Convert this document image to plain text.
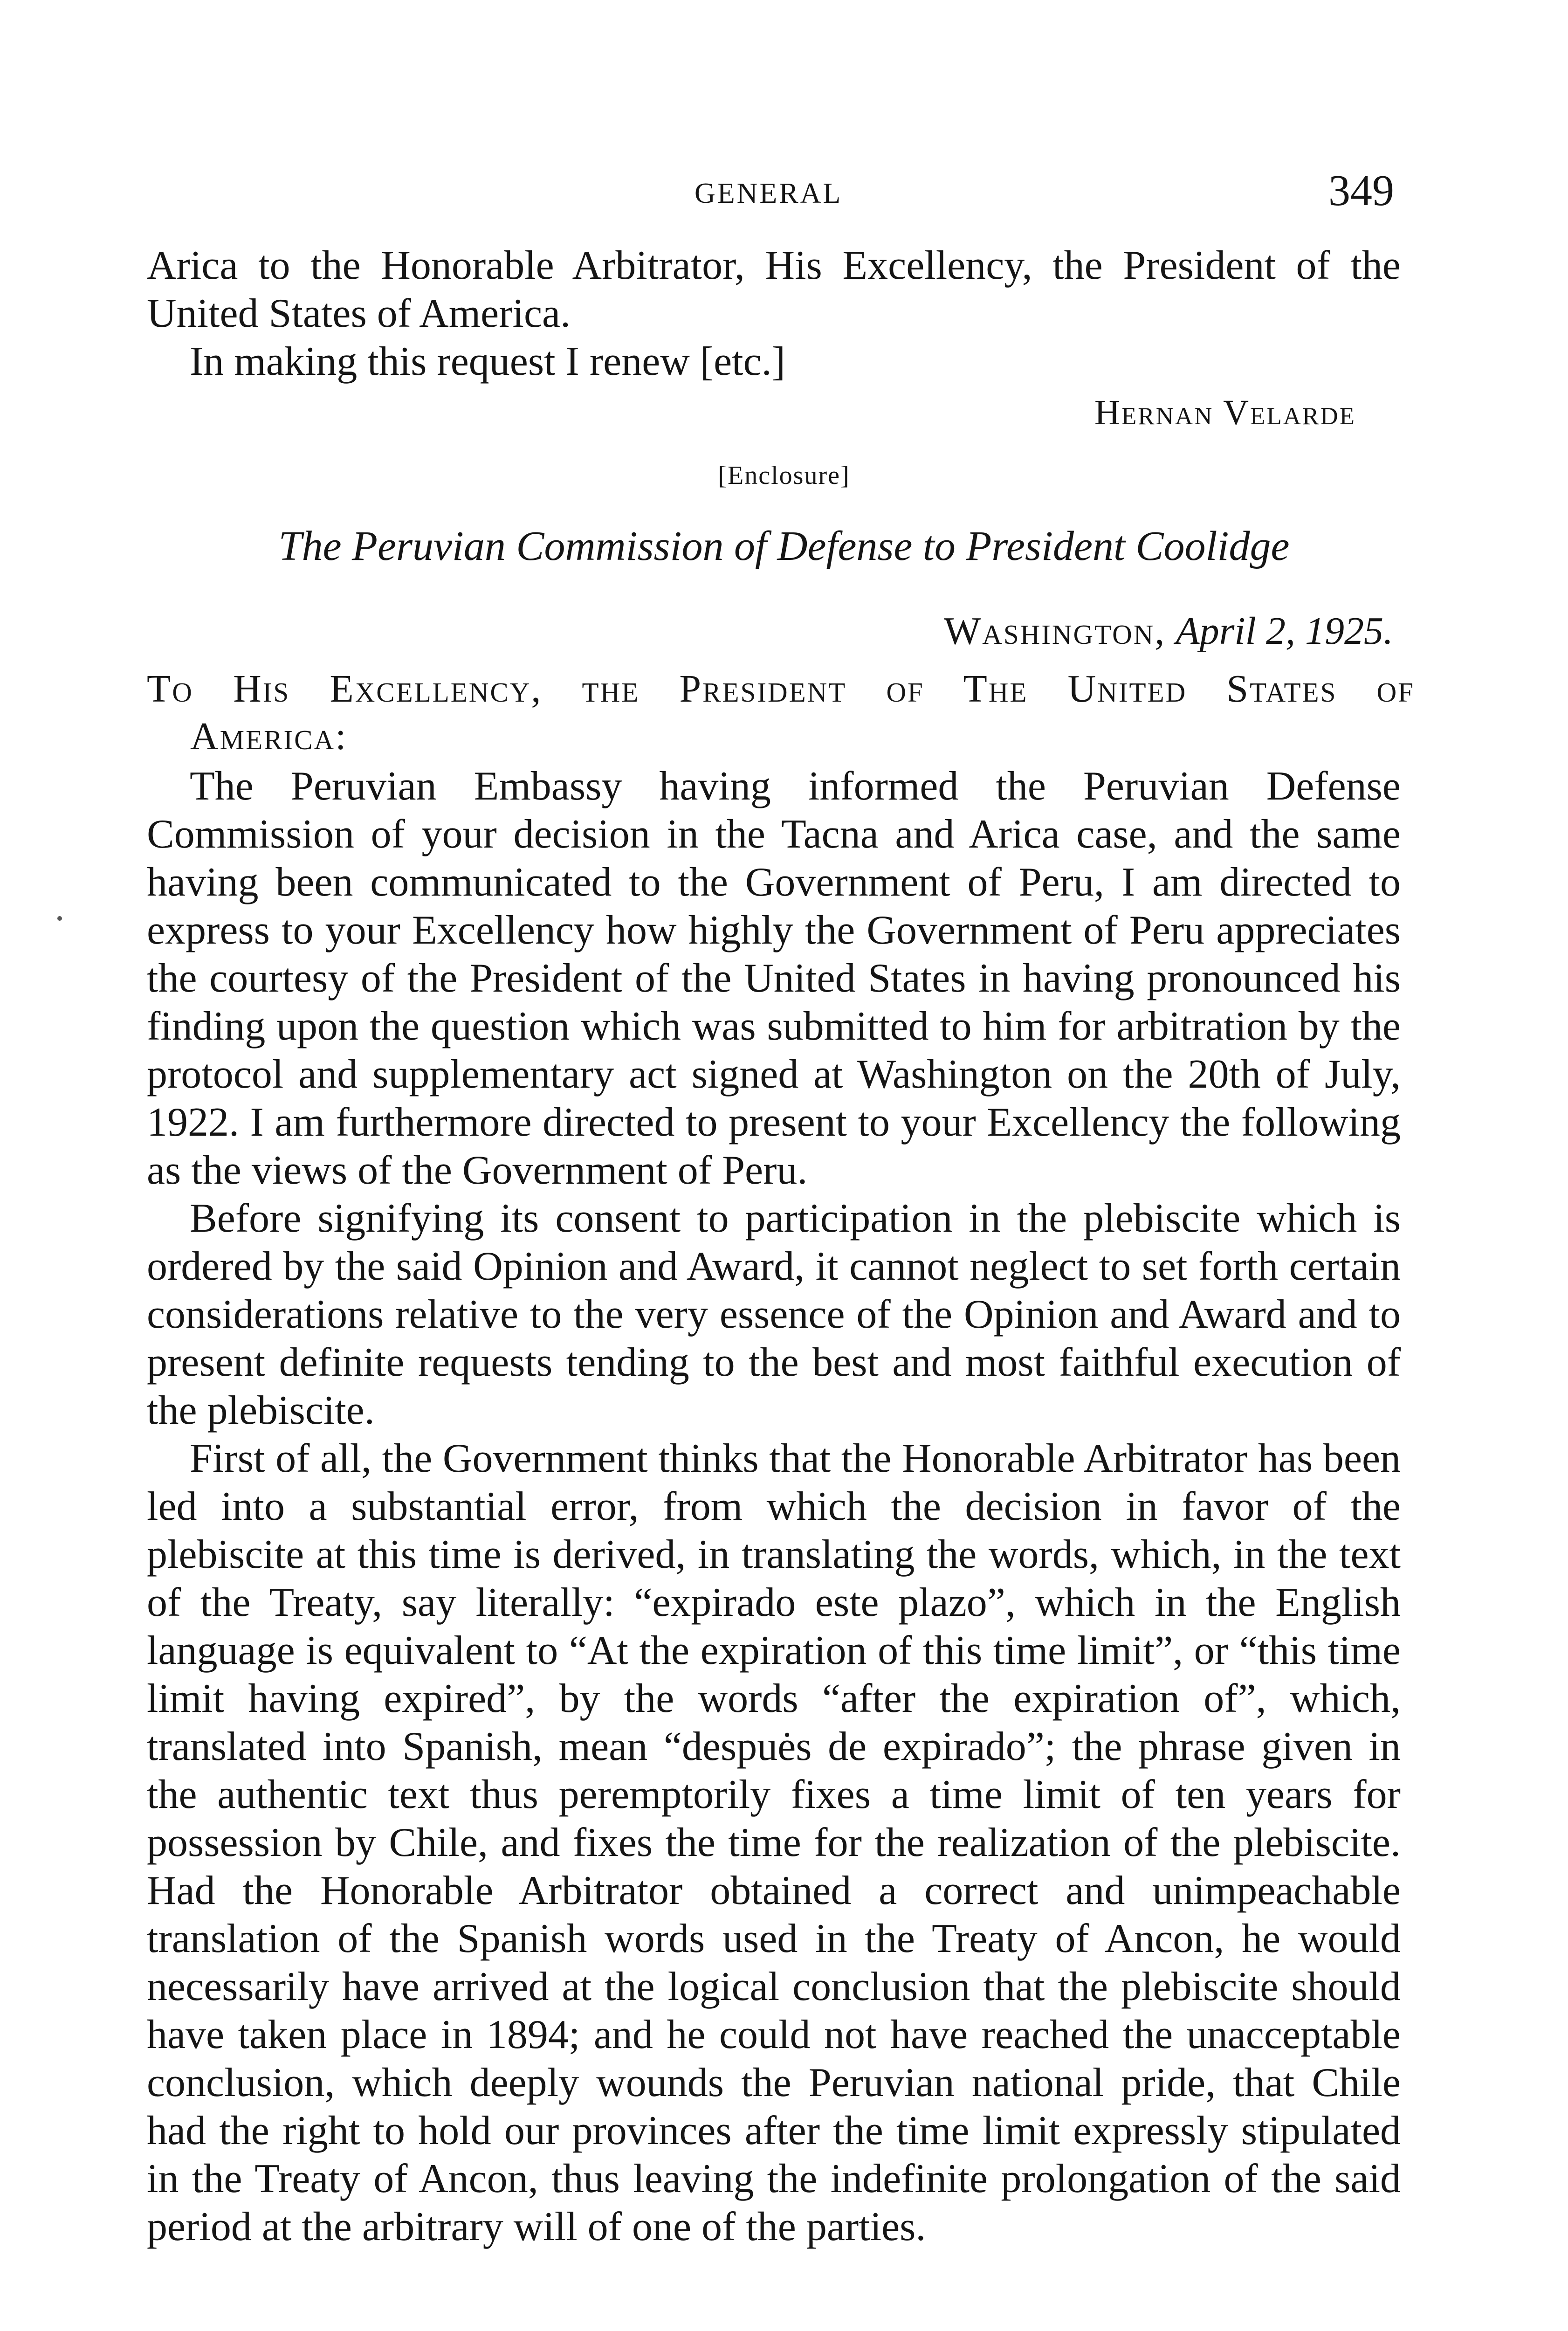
GENERAL	349

Arica to the Honorable Arbitrator, His Excellency, the President of the United States of America.

In making this request I renew [etc.]

Hernan Velarde
[Enclosure]
The Peruvian Commission of Defense to President Coolidge
Washington, April 2, 1925.
To His Excellency, the President of The United States of
America:

The Peruvian Embassy having informed the Peruvian Defense Commission of your decision in the Tacna and Arica case, and the same having been communicated to the Government of Peru, I am directed to express to your Excellency how highly the Government of Peru appreciates the courtesy of the President of the United States in having pronounced his finding upon the question which was submitted to him for arbitration by the protocol and supplementary act signed at Washington on the 20th of July, 1922. I am furthermore directed to present to your Excellency the following as the views of the Government of Peru.

Before signifying its consent to participation in the plebiscite which is ordered by the said Opinion and Award, it cannot neglect to set forth certain considerations relative to the very essence of the Opinion and Award and to present definite requests tending to the best and most faithful execution of the plebiscite.

First of all, the Government thinks that the Honorable Arbitrator has been led into a substantial error, from which the decision in favor of the plebiscite at this time is derived, in translating the words, which, in the text of the Treaty, say literally: “expirado este plazo”, which in the English language is equivalent to “At the expiration of this time limit”, or “this time limit having expired”, by the words “after the expiration of”, which, translated into Spanish, mean “despuės de expirado”; the phrase given in the authentic text thus peremptorily fixes a time limit of ten years for possession by Chile, and fixes the time for the realization of the plebiscite. Had the Honorable Arbitrator obtained a correct and unimpeachable translation of the Spanish words used in the Treaty of Ancon, he would necessarily have arrived at the logical conclusion that the plebiscite should have taken place in 1894; and he could not have reached the unacceptable conclusion, which deeply wounds the Peruvian national pride, that Chile had the right to hold our provinces after the time limit expressly stipulated in the Treaty of Ancon, thus leaving the indefinite prolongation of the said period at the arbitrary will of one of the parties.
